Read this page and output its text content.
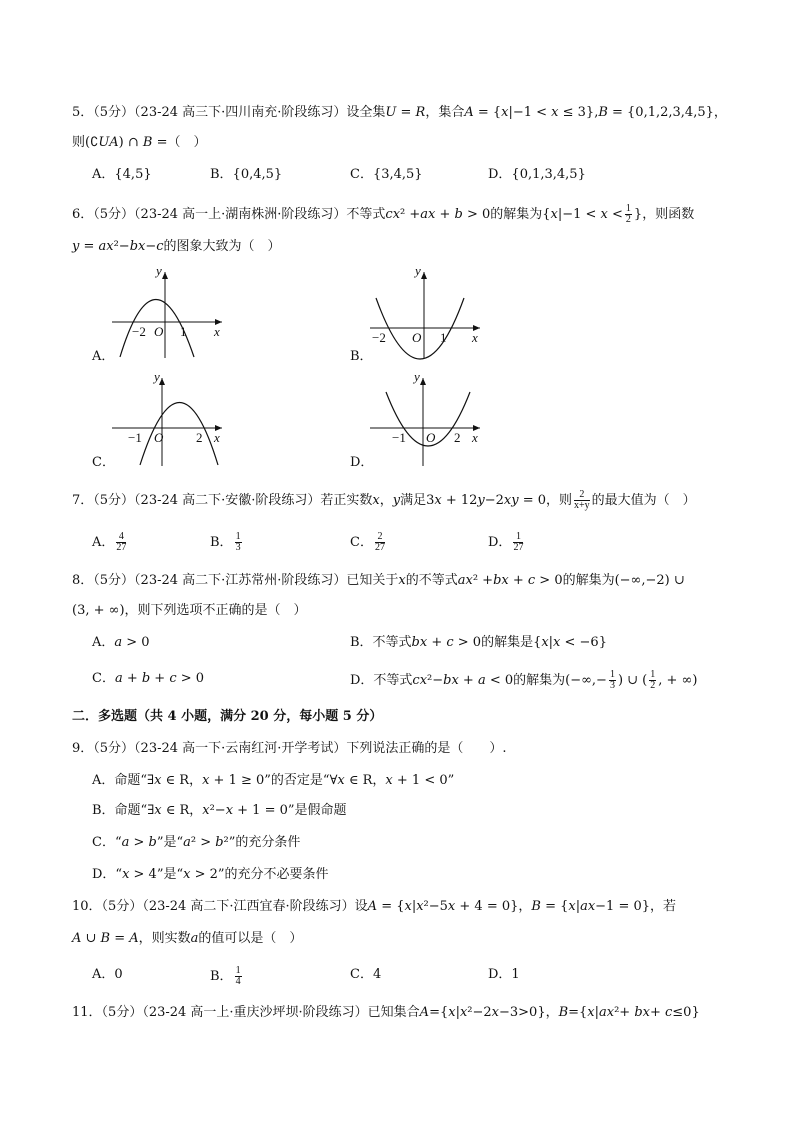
5．（5分）（23-24 高三下·四川南充·阶段练习）设全集𝑈 = 𝑅，集合𝐴 = {𝑥|−1 < 𝑥 ≤ 3},𝐵 = {0,1,2,3,4,5}，
则(∁𝑈𝐴) ∩ 𝐵 =（　）
A．{4,5}	B．{0,4,5}	C．{3,4,5}	D．{0,1,3,4,5}
6．（5分）（23-24 高一上·湖南株洲·阶段练习）不等式𝑐𝑥² +𝑎𝑥 + 𝑏 > 0的解集为{𝑥|−1 < 𝑥 < $\frac{1}{2}$ }，则函数
𝑦 = 𝑎𝑥²−𝑏𝑥−𝑐的图象大致为（　）
A．
y
x
−2 O 1
B．
y
x
−2 O 1
C．
y
x
−1 O	2
D．
y
x
−1 O 2
7．（5分）（23-24 高二下·安徽·阶段练习）若正实数𝑥，𝑦满足3𝑥 + 12𝑦−2𝑥𝑦 = 0，则 $\frac{2}{x+y}$ 的最大值为（　）
A． $\frac{4}{27}$	B． $\frac{1}{3}$	C． $\frac{2}{27}$	D． $\frac{1}{27}$
8．（5分）（23-24 高二下·江苏常州·阶段练习）已知关于𝑥的不等式𝑎𝑥² +𝑏𝑥 + 𝑐 > 0的解集为(−∞,−2) ∪
(3, + ∞)，则下列选项不正确的是（　）
A．𝑎 > 0	B．不等式𝑏𝑥 + 𝑐 > 0的解集是{𝑥|𝑥 < −6}
C．𝑎 + 𝑏 + 𝑐 > 0	D．不等式𝑐𝑥²−𝑏𝑥 + 𝑎 < 0的解集为(−∞,− $\frac{1}{3}$ ) ∪ ( $\frac{1}{2}$ , + ∞)
二．多选题（共 4 小题，满分 20 分，每小题 5 分）
9．（5分）（23-24 高一下·云南红河·开学考试）下列说法正确的是（　　）.
A．命题“∃𝑥 ∈ R，𝑥 + 1 ≥ 0”的否定是“∀𝑥 ∈ R，𝑥 + 1 < 0”
B．命题“∃𝑥 ∈ R，𝑥²−𝑥 + 1 = 0”是假命题
C．“𝑎 > 𝑏”是“𝑎² > 𝑏²”的充分条件
D．“𝑥 > 4”是“𝑥 > 2”的充分不必要条件
10．（5分）（23-24 高二下·江西宜春·阶段练习）设𝐴 = {𝑥|𝑥²−5𝑥 + 4 = 0}，𝐵 = {𝑥|𝑎𝑥−1 = 0}，若
𝐴 ∪ 𝐵 = 𝐴，则实数𝑎的值可以是（　）
A．0	B． $\frac{1}{4}$	C．4	D．1
11．（5分）（23-24 高一上·重庆沙坪坝·阶段练习）已知集合𝐴={𝑥|𝑥²−2𝑥−3>0}，𝐵={𝑥|𝑎𝑥²+ 𝑏𝑥+ 𝑐≤0}
